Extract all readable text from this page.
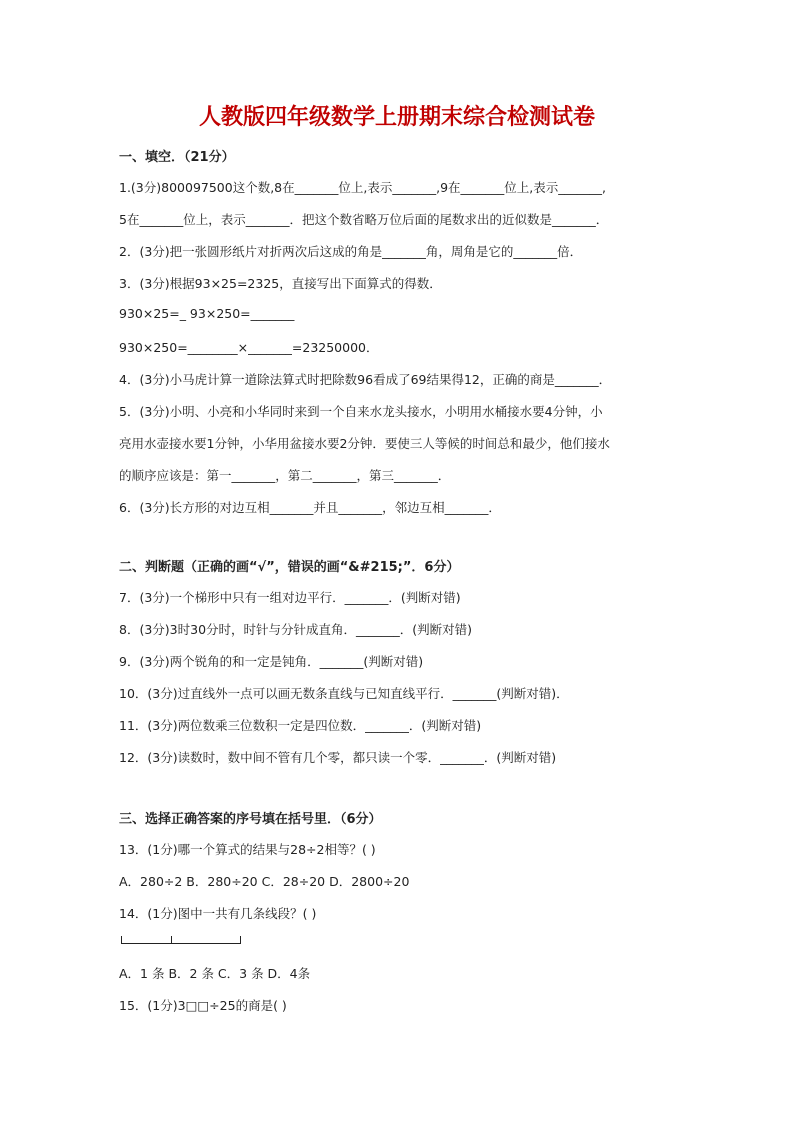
人教版四年级数学上册期末综合检测试卷
一、填空．（21分）
1.(3分)800097500这个数,8在_______位上,表示_______,9在_______位上,表示_______,
5在_______位上，表示_______．把这个数省略万位后面的尾数求出的近似数是_______．
2．(3分)把一张圆形纸片对折两次后这成的角是_______角，周角是它的_______倍．
3．(3分)根据93×25=2325，直接写出下面算式的得数．
930×25=_ 93×250=_______
930×250=________×_______=23250000．
4．(3分)小马虎计算一道除法算式时把除数96看成了69结果得12，正确的商是_______．
5．(3分)小明、小亮和小华同时来到一个自来水龙头接水，小明用水桶接水要4分钟，小
亮用水壶接水要1分钟，小华用盆接水要2分钟．要使三人等候的时间总和最少，他们接水
的顺序应该是：第一_______，第二_______，第三_______．
6．(3分)长方形的对边互相_______并且_______，邻边互相_______．
二、判断题（正确的画“√”，错误的画“&#215;”．6分）
7．(3分)一个梯形中只有一组对边平行．_______．(判断对错)
8．(3分)3时30分时，时针与分针成直角．_______．(判断对错)
9．(3分)两个锐角的和一定是钝角．_______(判断对错)
10．(3分)过直线外一点可以画无数条直线与已知直线平行．_______(判断对错)．
11．(3分)两位数乘三位数积一定是四位数．_______．(判断对错)
12．(3分)读数时，数中间不管有几个零，都只读一个零．_______．(判断对错)
三、选择正确答案的序号填在括号里．（6分）
13．(1分)哪一个算式的结果与28÷2相等？( )
A．280÷2 B．280÷20 C．28÷20 D．2800÷20
14．(1分)图中一共有几条线段？( )
A．1 条 B．2 条 C．3 条 D．4条
15．(1分)3□□÷25的商是( )
